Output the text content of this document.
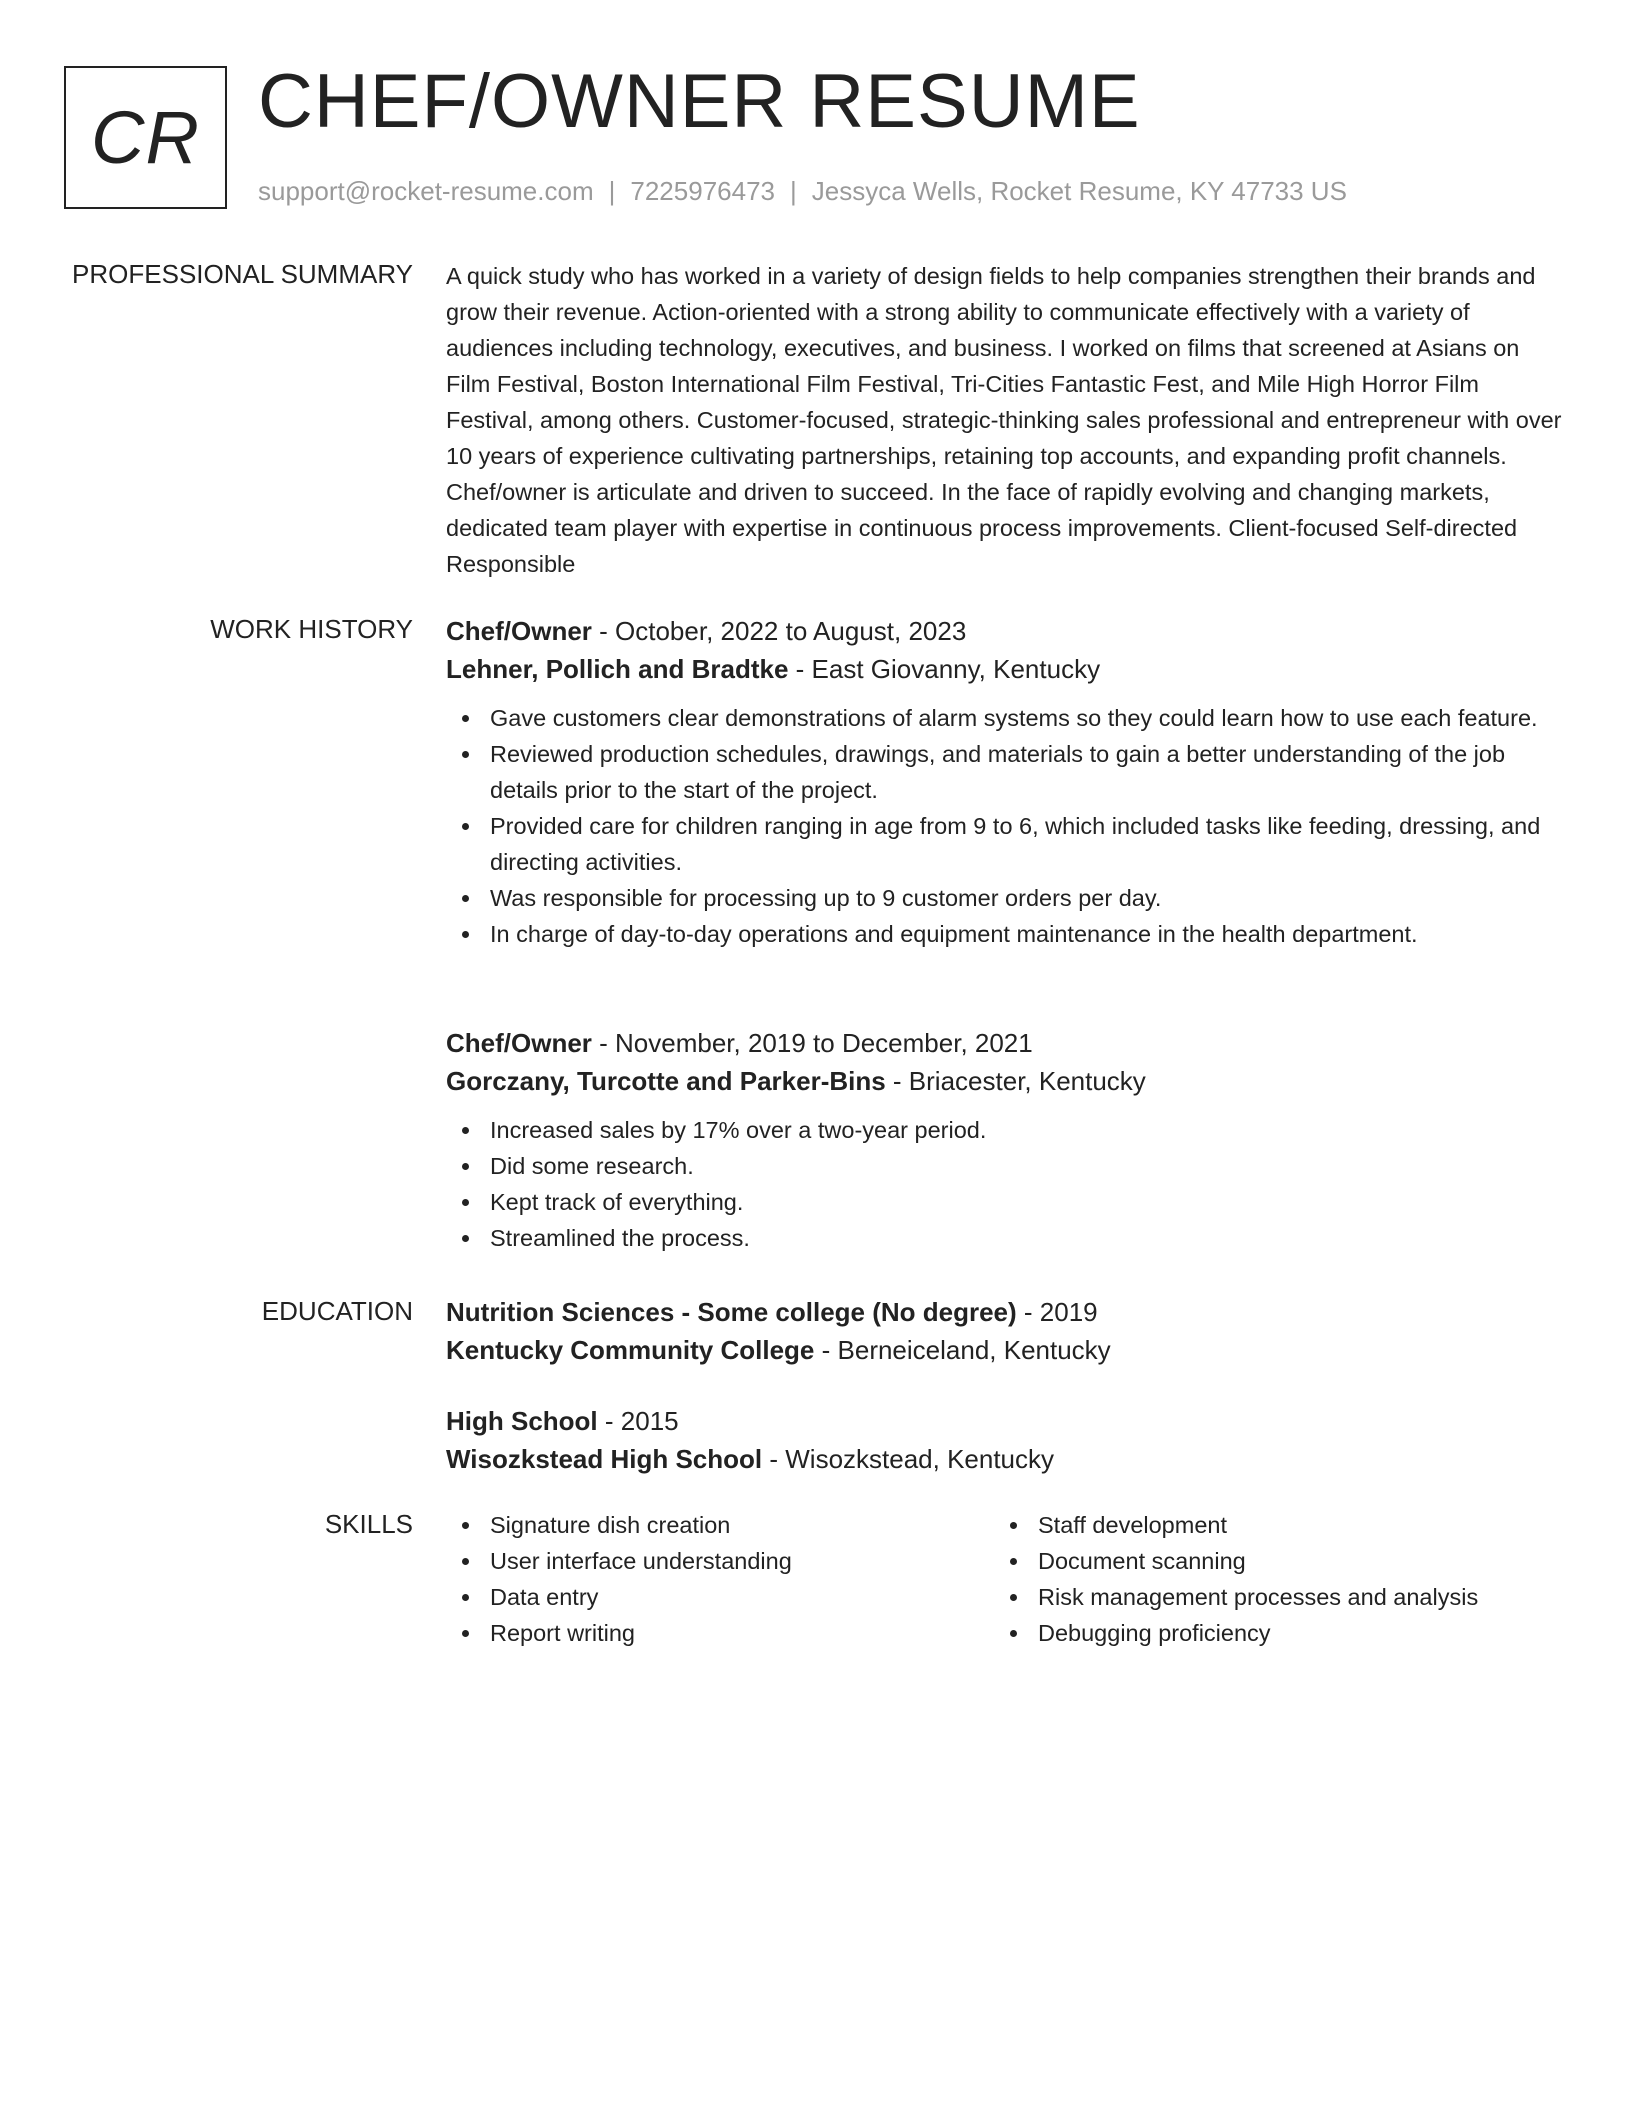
CR CHEF/OWNER RESUME
support@rocket-resume.com | 7225976473 | Jessyca Wells, Rocket Resume, KY 47733 US
PROFESSIONAL SUMMARY A quick study who has worked in a variety of design fields to help companies strengthen their brands and grow their revenue. Action-oriented with a strong ability to communicate effectively with a variety of audiences including technology, executives, and business. I worked on films that screened at Asians on Film Festival, Boston International Film Festival, Tri-Cities Fantastic Fest, and Mile High Horror Film Festival, among others. Customer-focused, strategic-thinking sales professional and entrepreneur with over 10 years of experience cultivating partnerships, retaining top accounts, and expanding profit channels. Chef/owner is articulate and driven to succeed. In the face of rapidly evolving and changing markets, dedicated team player with expertise in continuous process improvements. Client-focused Self-directed Responsible

WORK HISTORY Chef/Owner - October, 2022 to August, 2023
Lehner, Pollich and Bradtke - East Giovanny, Kentucky
Gave customers clear demonstrations of alarm systems so they could learn how to use each feature.
Reviewed production schedules, drawings, and materials to gain a better understanding of the job details prior to the start of the project.
Provided care for children ranging in age from 9 to 6, which included tasks like feeding, dressing, and directing activities.
Was responsible for processing up to 9 customer orders per day.
In charge of day-to-day operations and equipment maintenance in the health department.
Chef/Owner - November, 2019 to December, 2021
Gorczany, Turcotte and Parker-Bins - Briacester, Kentucky
Increased sales by 17% over a two-year period.
Did some research.
Kept track of everything.
Streamlined the process.
EDUCATION Nutrition Sciences - Some college (No degree) - 2019
Kentucky Community College - Berneiceland, Kentucky
High School - 2015
Wisozkstead High School - Wisozkstead, Kentucky
SKILLS	Signature dish creation
User interface understanding
Data entry
Report writing
Staff development
Document scanning
Risk management processes and analysis
Debugging proficiency
